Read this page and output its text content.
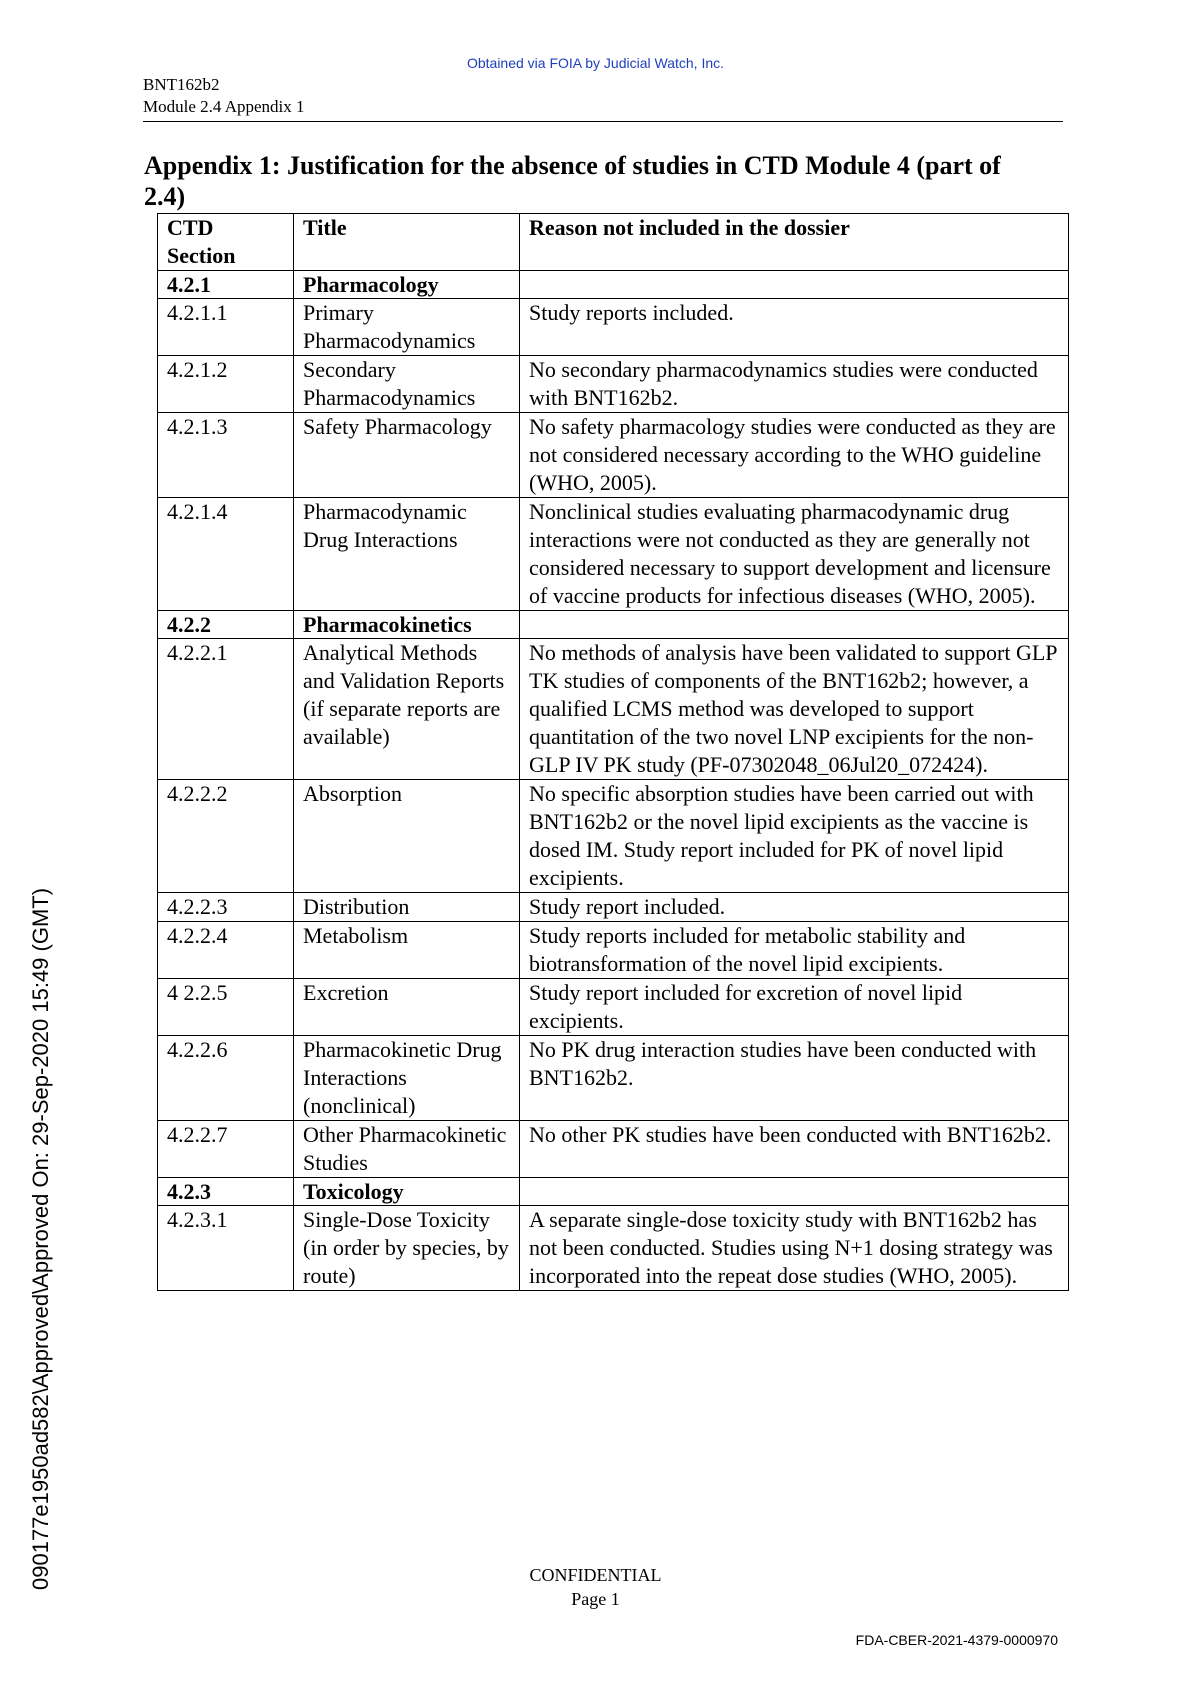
Obtained via FOIA by Judicial Watch, Inc.
BNT162b2
Module 2.4 Appendix 1
Appendix 1: Justification for the absence of studies in CTD Module 4 (part of 2.4)
CTD Section	Title	Reason not included in the dossier
4.2.1	Pharmacology	
4.2.1.1	Primary Pharmacodynamics	Study reports included.
4.2.1.2	Secondary Pharmacodynamics	No secondary pharmacodynamics studies were conducted with BNT162b2.
4.2.1.3	Safety Pharmacology	No safety pharmacology studies were conducted as they are not considered necessary according to the WHO guideline (WHO, 2005).
4.2.1.4	Pharmacodynamic Drug Interactions	Nonclinical studies evaluating pharmacodynamic drug interactions were not conducted as they are generally not considered necessary to support development and licensure of vaccine products for infectious diseases (WHO, 2005).
4.2.2	Pharmacokinetics	
4.2.2.1	Analytical Methods and Validation Reports (if separate reports are available)	No methods of analysis have been validated to support GLP TK studies of components of the BNT162b2; however, a qualified LCMS method was developed to support quantitation of the two novel LNP excipients for the non-GLP IV PK study (PF-07302048_06Jul20_072424).
4.2.2.2	Absorption	No specific absorption studies have been carried out with BNT162b2 or the novel lipid excipients as the vaccine is dosed IM. Study report included for PK of novel lipid excipients.
4.2.2.3	Distribution	Study report included.
4.2.2.4	Metabolism	Study reports included for metabolic stability and biotransformation of the novel lipid excipients.
4 2.2.5	Excretion	Study report included for excretion of novel lipid excipients.
4.2.2.6	Pharmacokinetic Drug Interactions (nonclinical)	No PK drug interaction studies have been conducted with BNT162b2.
4.2.2.7	Other Pharmacokinetic Studies	No other PK studies have been conducted with BNT162b2.
4.2.3	Toxicology	
4.2.3.1	Single-Dose Toxicity (in order by species, by route)	A separate single-dose toxicity study with BNT162b2 has not been conducted. Studies using N+1 dosing strategy was incorporated into the repeat dose studies (WHO, 2005).
090177e1950ad582\Approved\Approved On: 29-Sep-2020 15:49 (GMT)	CONFIDENTIAL
Page 1
FDA-CBER-2021-4379-0000970
